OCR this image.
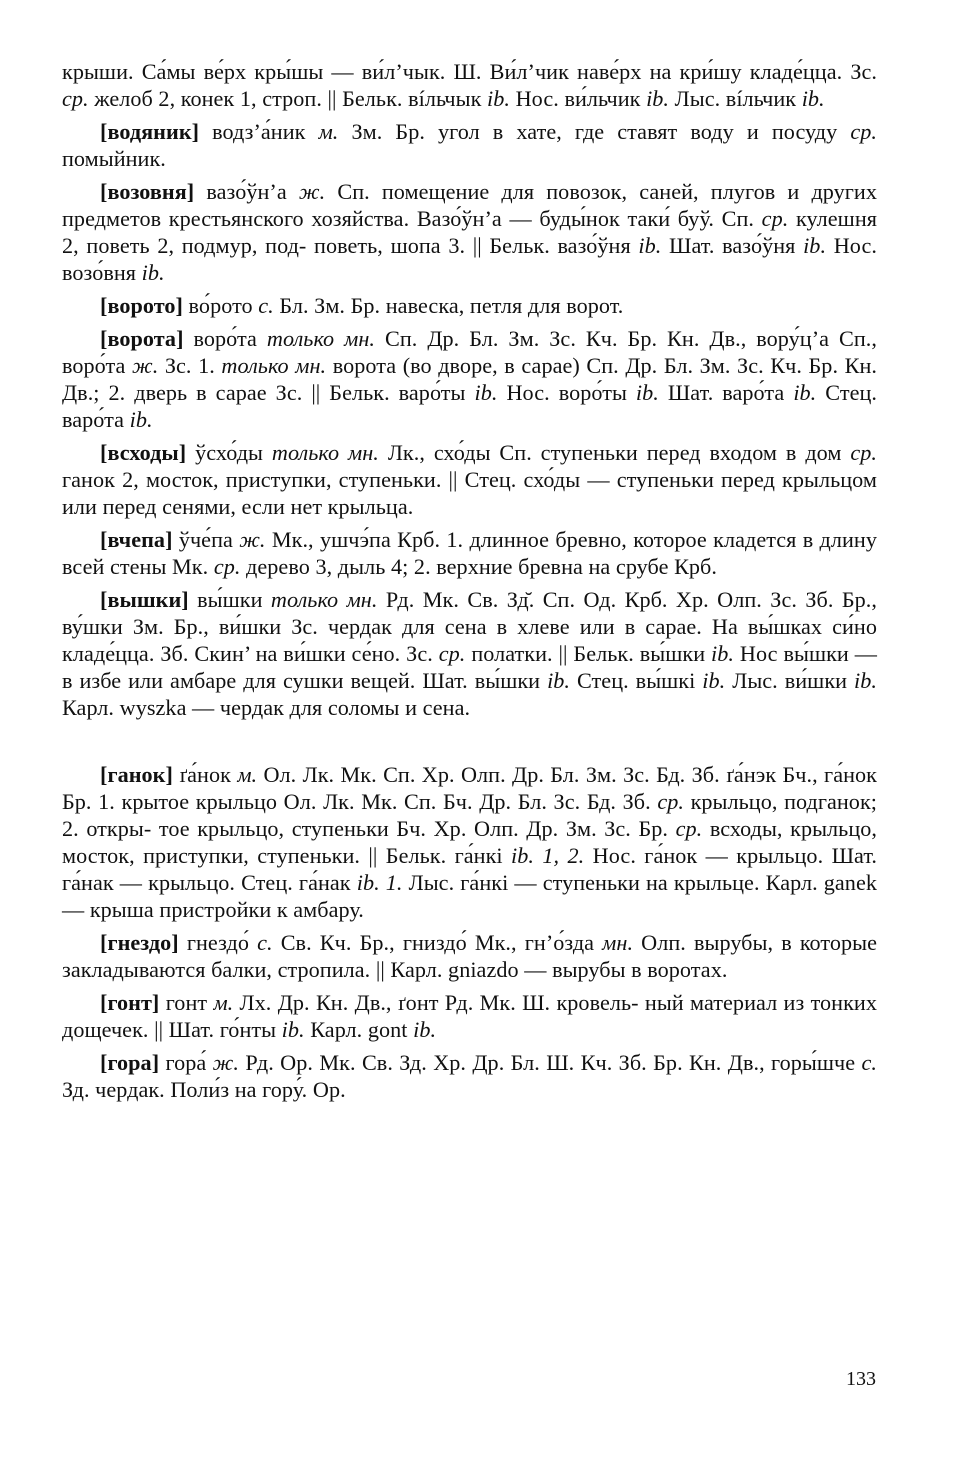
крыши. Са́мы ве́рх кры́шы — ви́л’чык. Ш. Ви́л’чик наве́рх на кри́шу кладе́цца. Зс. ср. желоб 2, конек 1, строп. || Бельк. вíльчык ib. Нос. ви́льчик ib. Лыс. вíльчик ib.

[водяник] водз’а́ник м. Зм. Бр. угол в хате, где ставят воду и посуду ср. помыйник.

[возовня] вазо́ўн’а ж. Сп. помещение для повозок, саней, плугов и других предметов крестьянского хозяйства. Вазо́ўн’а — буды́нок таки́ буў. Сп. ср. кулешня 2, поветь 2, подмур, под- поветь, шопа 3. || Бельк. вазо́ўня ib. Шат. вазо́ўня ib. Нос. возо́вня ib.

[ворото] во́рото с. Бл. Зм. Бр. навеска, петля для ворот.

[ворота] воро́та только мн. Сп. Др. Бл. Зм. Зс. Кч. Бр. Кн. Дв., вору́ц’а Сп., воро́та ж. Зс. 1. только мн. ворота (во дворе, в сарае) Сп. Др. Бл. Зм. Зс. Кч. Бр. Кн. Дв.; 2. дверь в сарае Зс. || Бельк. варо́ты ib. Нос. воро́ты ib. Шат. варо́та ib. Стец. варо́та ib.

[всходы] ўсхо́ды только мн. Лк., схо́ды Сп. ступеньки перед входом в дом ср. ганок 2, мосток, приступки, ступеньки. || Стец. схо́ды — ступеньки перед крыльцом или перед сенями, если нет крыльца.

[вчепа] ўче́па ж. Мк., ушчэ́па Крб. 1. длинное бревно, которое кладется в длину всей стены Мк. ср. дерево 3, дыль 4; 2. верхние бревна на срубе Крб.

[вышки] вы́шки только мн. Рд. Мк. Св. Зд̆. Сп. Од. Крб. Хр. Олп. Зс. Зб. Бр., ву́шки Зм. Бр., ви́шки Зс. чердак для сена в хлеве или в сарае. На вы́шках си́но кладе́цца. Зб. Скин’ на ви́шки се́но. Зс. ср. полатки. || Бельк. вы́шки ib. Нос вы́шки — в избе или амбаре для сушки вещей. Шат. вы́шки ib. Стец. вы́шкі ib. Лыс. ви́шки ib. Карл. wyszka — чердак для соломы и сена.

[ганок] ґа́нок м. Ол. Лк. Мк. Сп. Хр. Олп. Др. Бл. Зм. Зс. Бд. Зб. ґа́нэк Бч., га́нок Бр. 1. крытое крыльцо Ол. Лк. Мк. Сп. Бч. Др. Бл. Зс. Бд. Зб. ср. крыльцо, подганок; 2. откры- тое крыльцо, ступеньки Бч. Хр. Олп. Др. Зм. Зс. Бр. ср. всходы, крыльцо, мосток, приступки, ступеньки. || Бельк. га́нкі ib. 1, 2. Нос. га́нок — крыльцо. Шат. га́нак — крыльцо. Стец. га́нак ib. 1. Лыс. га́нкі — ступеньки на крыльце. Карл. ganek — крыша пристройки к амбару.

[гнездо] гнездо́ с. Св. Кч. Бр., гниздо́ Мк., гн’о́зда мн. Олп. вырубы, в которые закладываются балки, стропила. || Карл. gniazdo — вырубы в воротах.

[гонт] гонт м. Лх. Др. Кн. Дв., ґонт Рд. Мк. Ш. кровель- ный материал из тонких дощечек. || Шат. го́нты ib. Карл. gont ib.

[гора] гора́ ж. Рд. Ор. Мк. Св. Зд. Хр. Др. Бл. Ш. Кч. Зб. Бр. Кн. Дв., горы́шче с. Зд. чердак. Поли́з на гору́. Ор.

133
